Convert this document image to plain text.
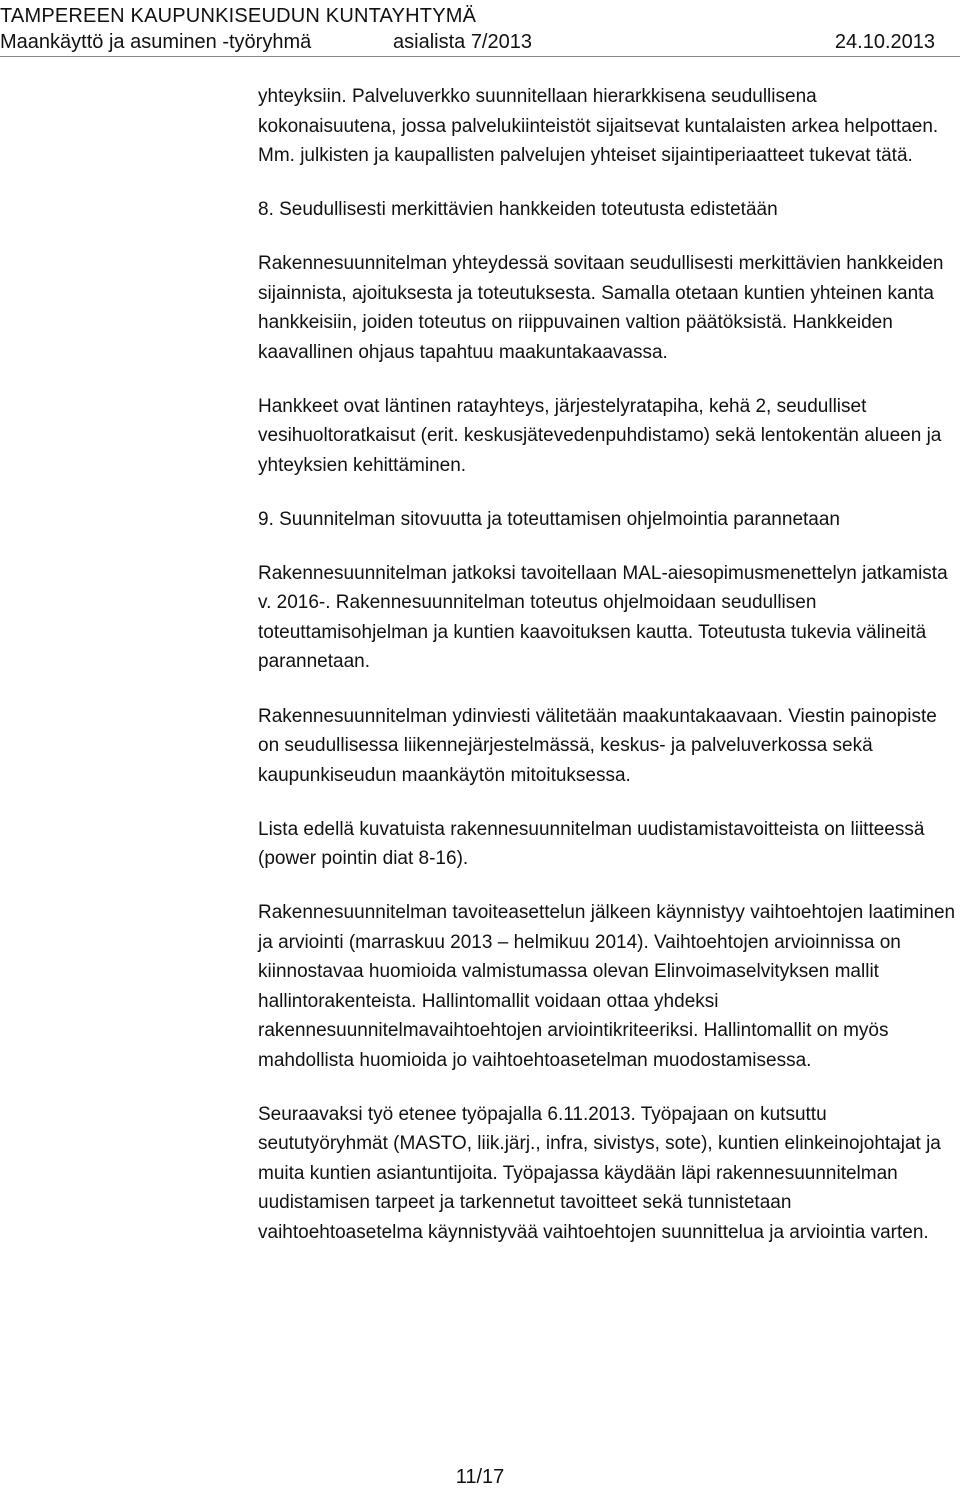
TAMPEREEN KAUPUNKISEUDUN KUNTAYHTYMÄ
Maankäyttö ja asuminen -työryhmä	asialista 7/2013	24.10.2013

yhteyksiin. Palveluverkko suunnitellaan hierarkkisena seudullisena kokonaisuutena, jossa palvelukiinteistöt sijaitsevat kuntalaisten arkea helpottaen. Mm. julkisten ja kaupallisten palvelujen yhteiset sijaintiperiaatteet tukevat tätä.

8. Seudullisesti merkittävien hankkeiden toteutusta edistetään

Rakennesuunnitelman yhteydessä sovitaan seudullisesti merkittävien hankkeiden sijainnista, ajoituksesta ja toteutuksesta. Samalla otetaan kuntien yhteinen kanta hankkeisiin, joiden toteutus on riippuvainen valtion päätöksistä. Hankkeiden kaavallinen ohjaus tapahtuu maakuntakaavassa.

Hankkeet ovat läntinen ratayhteys, järjestelyratapiha, kehä 2, seudulliset vesihuoltoratkaisut (erit. keskusjätevedenpuhdistamo) sekä lentokentän alueen ja yhteyksien kehittäminen.

9. Suunnitelman sitovuutta ja toteuttamisen ohjelmointia parannetaan

Rakennesuunnitelman jatkoksi tavoitellaan MAL-aiesopimusmenettelyn jatkamista v. 2016-. Rakennesuunnitelman toteutus ohjelmoidaan seudullisen toteuttamisohjelman ja kuntien kaavoituksen kautta. Toteutusta tukevia välineitä parannetaan.

Rakennesuunnitelman ydinviesti välitetään maakuntakaavaan. Viestin painopiste on seudullisessa liikennejärjestelmässä, keskus- ja palveluverkossa sekä kaupunkiseudun maankäytön mitoituksessa.

Lista edellä kuvatuista rakennesuunnitelman uudistamistavoitteista on liitteessä (power pointin diat 8-16).

Rakennesuunnitelman tavoiteasettelun jälkeen käynnistyy vaihtoehtojen laatiminen ja arviointi (marraskuu 2013 – helmikuu 2014). Vaihtoehtojen arvioinnissa on kiinnostavaa huomioida valmistumassa olevan Elinvoimaselvityksen mallit hallintorakenteista. Hallintomallit voidaan ottaa yhdeksi rakennesuunnitelmavaihtoehtojen arviointikriteeriksi. Hallintomallit on myös mahdollista huomioida jo vaihtoehtoasetelman muodostamisessa.

Seuraavaksi työ etenee työpajalla 6.11.2013. Työpajaan on kutsuttu seututyöryhmät (MASTO, liik.järj., infra, sivistys, sote), kuntien elinkeinojohtajat ja muita kuntien asiantuntijoita. Työpajassa käydään läpi rakennesuunnitelman uudistamisen tarpeet ja tarkennetut tavoitteet sekä tunnistetaan vaihtoehtoasetelma käynnistyvää vaihtoehtojen suunnittelua ja arviointia varten.

11/17
